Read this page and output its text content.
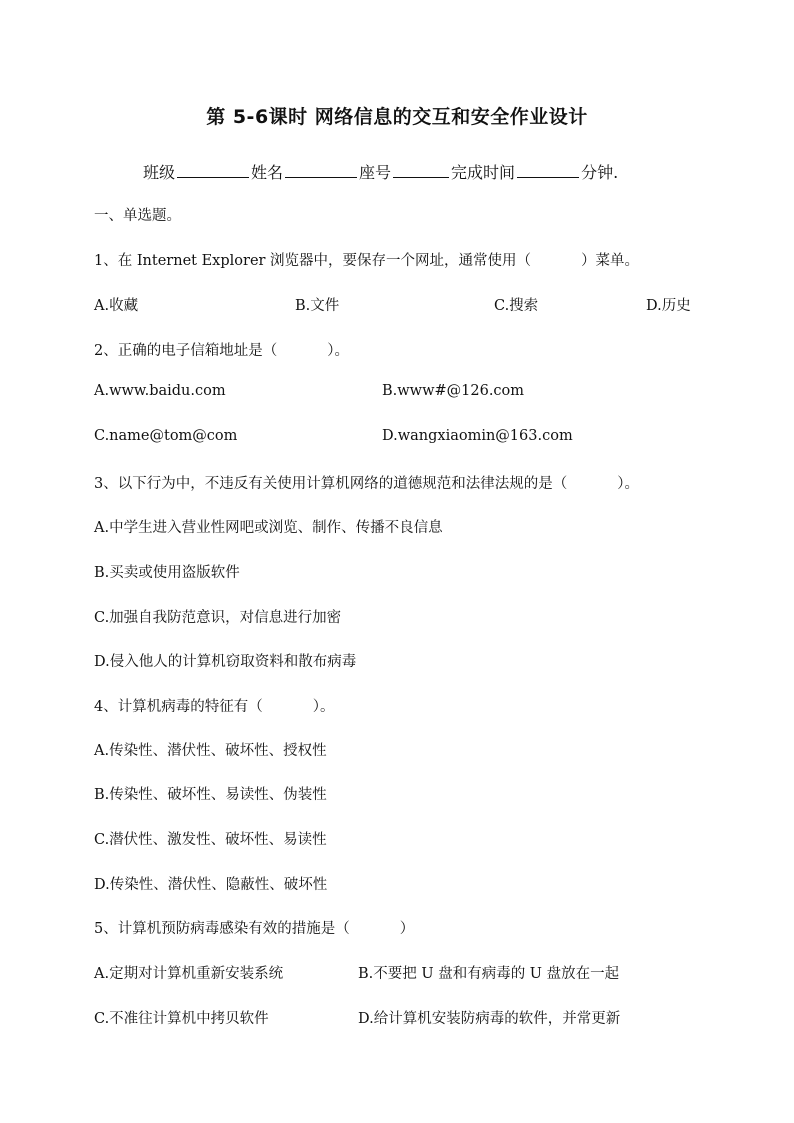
第 5-6课时 网络信息的交互和安全作业设计
班级	姓名	座号	完成时间	分钟.
一、单选题。
1、在 Internet Explorer 浏览器中，要保存一个网址，通常使用（	）菜单。
A.收藏	B.文件	C.搜索	D.历史
2、正确的电子信箱地址是（	）。
A.www.baidu.com	B.www#@126.com
C.name@tom@com	D.wangxiaomin@163.com
3、以下行为中，不违反有关使用计算机网络的道德规范和法律法规的是（	）。
A.中学生进入营业性网吧或浏览、制作、传播不良信息
B.买卖或使用盗版软件
C.加强自我防范意识，对信息进行加密
D.侵入他人的计算机窃取资料和散布病毒
4、计算机病毒的特征有（	）。
A.传染性、潜伏性、破坏性、授权性
B.传染性、破坏性、易读性、伪装性
C.潜伏性、激发性、破坏性、易读性
D.传染性、潜伏性、隐蔽性、破坏性
5、计算机预防病毒感染有效的措施是（	）
A.定期对计算机重新安装系统	B.不要把 U 盘和有病毒的 U 盘放在一起
C.不准往计算机中拷贝软件	D.给计算机安装防病毒的软件，并常更新
